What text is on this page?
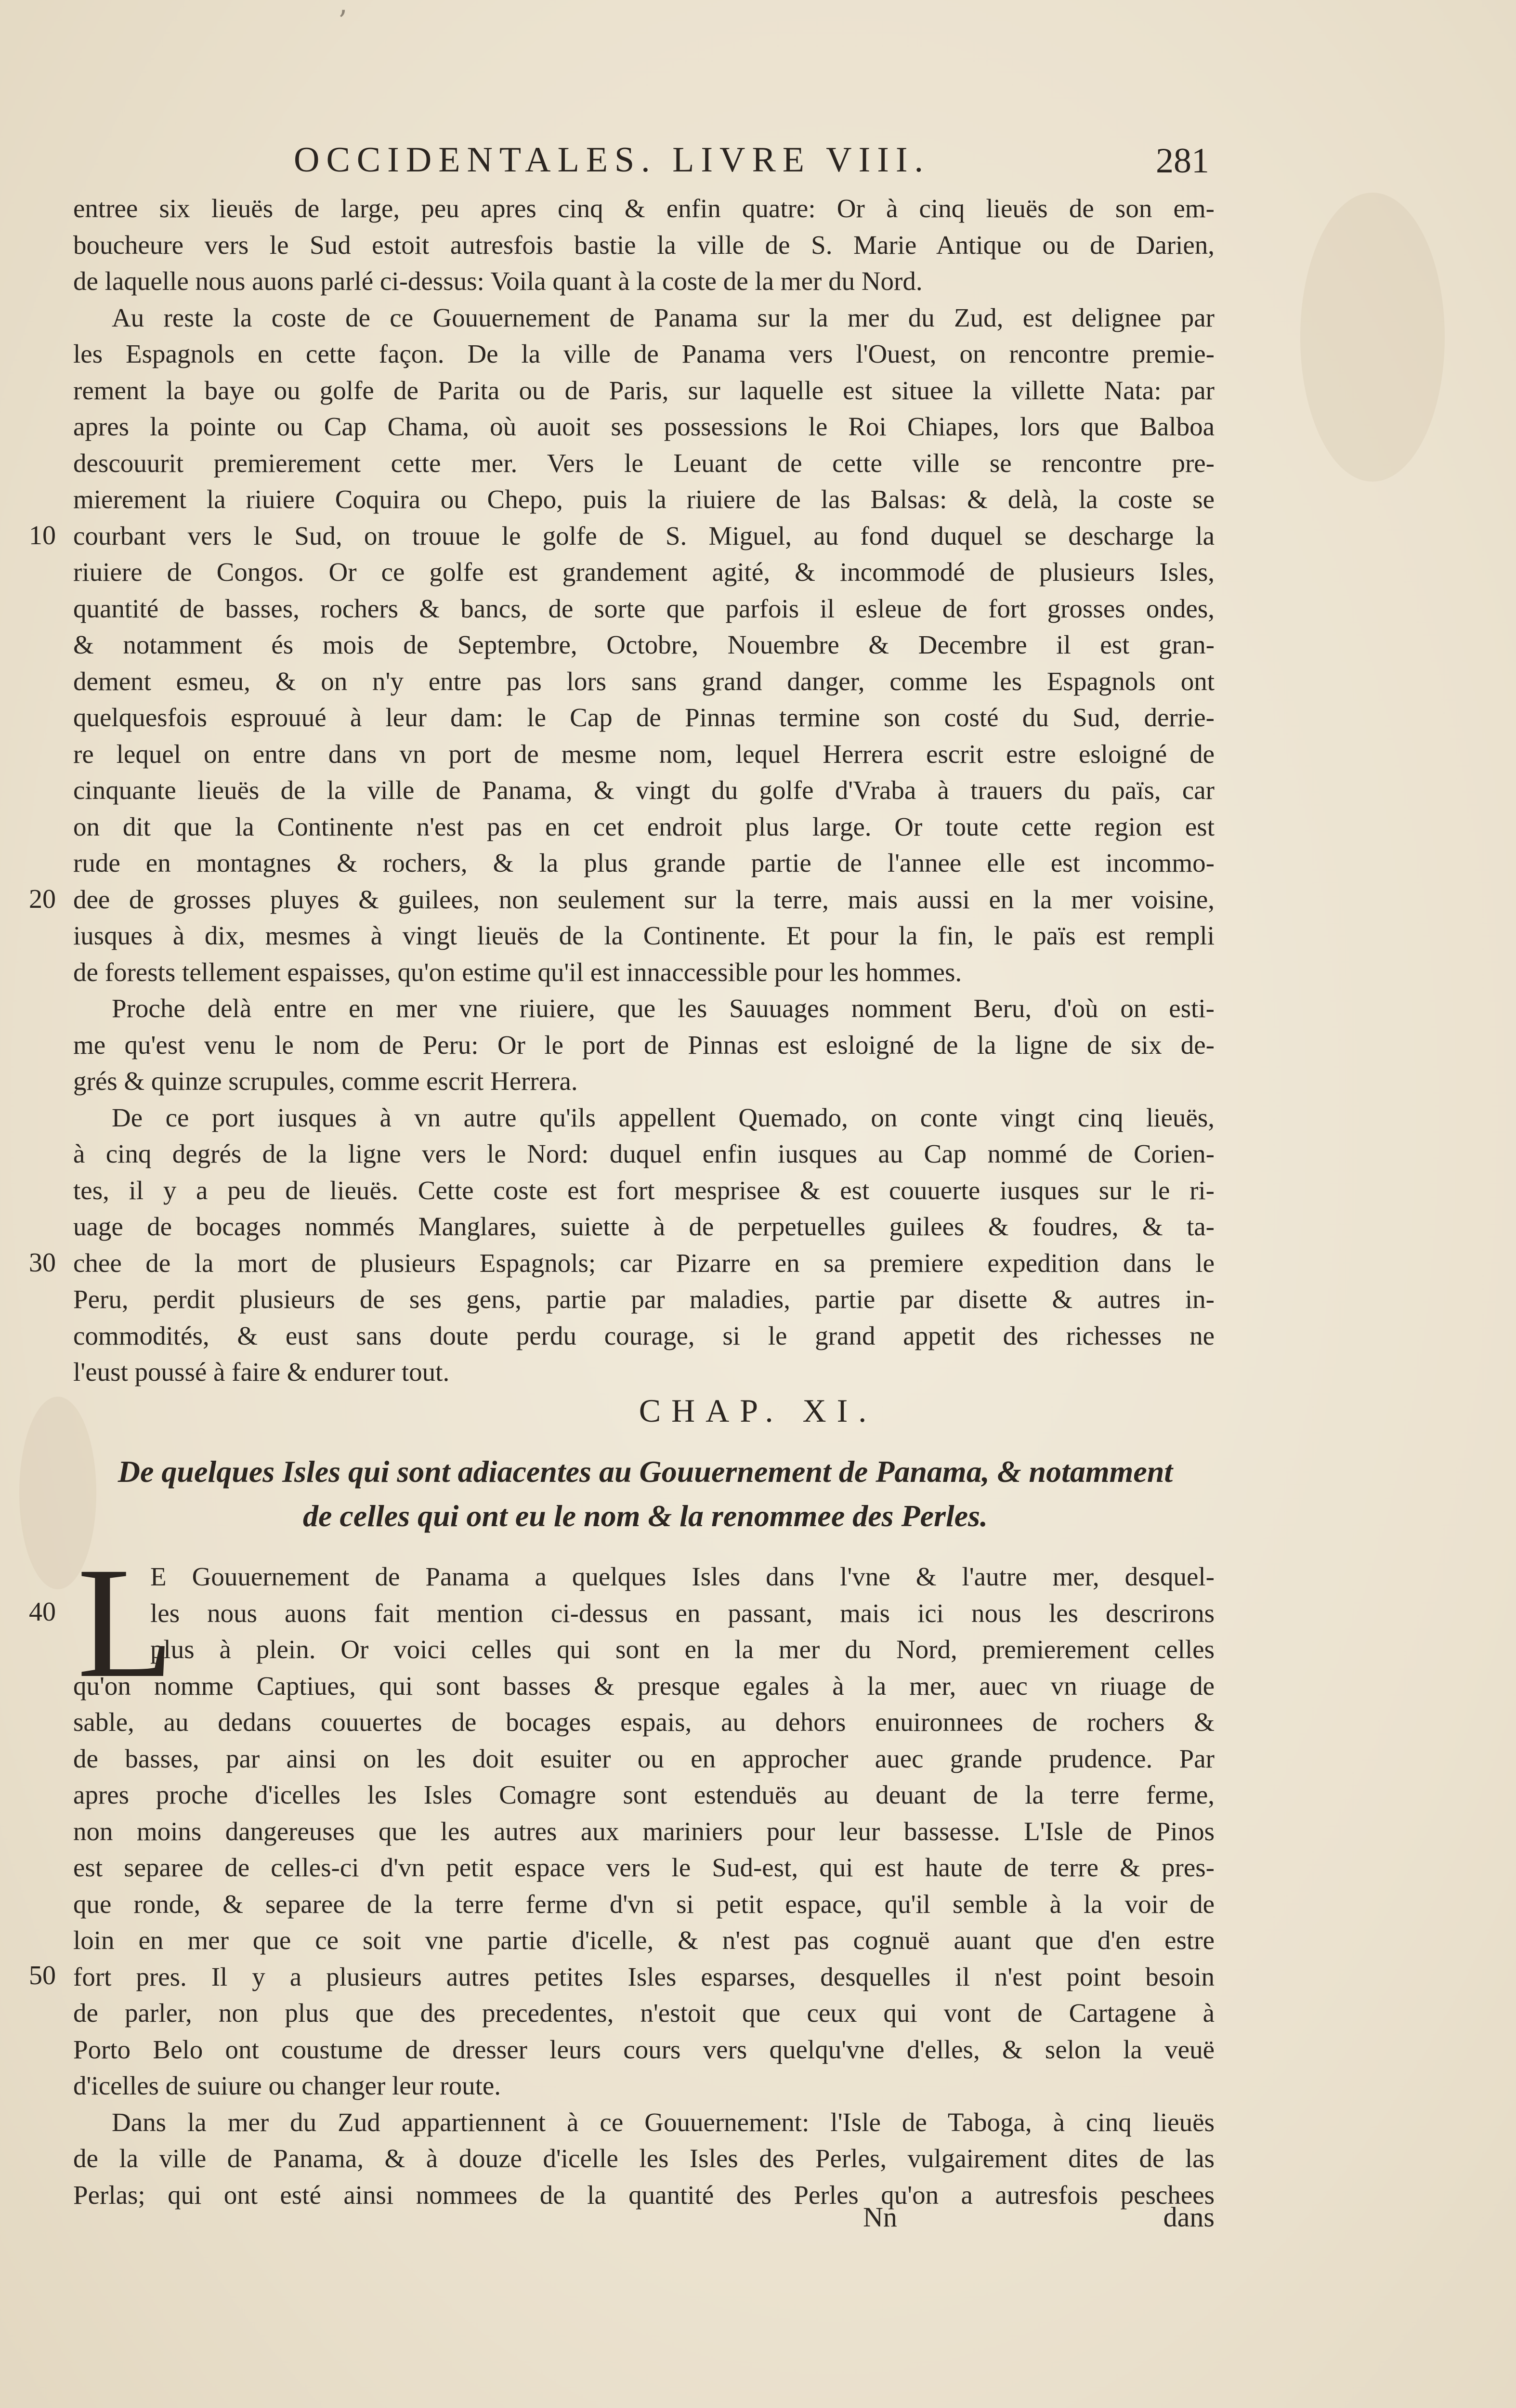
ʼ
OCCIDENTALES. LIVRE VIII.	281
entree six lieuës de large, peu apres cinq & enfin quatre: Or à cinq lieuës de son em-
boucheure vers le Sud estoit autresfois bastie la ville de S. Marie Antique ou de Darien,
de laquelle nous auons parlé ci-dessus: Voila quant à la coste de la mer du Nord.
Au reste la coste de ce Gouuernement de Panama sur la mer du Zud, est delignee par
les Espagnols en cette façon. De la ville de Panama vers l'Ouest, on rencontre premie-
rement la baye ou golfe de Parita ou de Paris, sur laquelle est situee la villette Nata: par
apres la pointe ou Cap Chama, où auoit ses possessions le Roi Chiapes, lors que Balboa
descouurit premierement cette mer. Vers le Leuant de cette ville se rencontre pre-
mierement la riuiere Coquira ou Chepo, puis la riuiere de las Balsas: & delà, la coste se
courbant vers le Sud, on trouue le golfe de S. Miguel, au fond duquel se descharge la
riuiere de Congos. Or ce golfe est grandement agité, & incommodé de plusieurs Isles,
quantité de basses, rochers & bancs, de sorte que parfois il esleue de fort grosses ondes,
& notamment és mois de Septembre, Octobre, Nouembre & Decembre il est gran-
dement esmeu, & on n'y entre pas lors sans grand danger, comme les Espagnols ont
quelquesfois esprouué à leur dam: le Cap de Pinnas termine son costé du Sud, derrie-
re lequel on entre dans vn port de mesme nom, lequel Herrera escrit estre esloigné de
cinquante lieuës de la ville de Panama, & vingt du golfe d'Vraba à trauers du païs, car
on dit que la Continente n'est pas en cet endroit plus large. Or toute cette region est
rude en montagnes & rochers, & la plus grande partie de l'annee elle est incommo-
dee de grosses pluyes & guilees, non seulement sur la terre, mais aussi en la mer voisine,
iusques à dix, mesmes à vingt lieuës de la Continente. Et pour la fin, le païs est rempli
de forests tellement espaisses, qu'on estime qu'il est innaccessible pour les hommes.
Proche delà entre en mer vne riuiere, que les Sauuages nomment Beru, d'où on esti-
me qu'est venu le nom de Peru: Or le port de Pinnas est esloigné de la ligne de six de-
grés & quinze scrupules, comme escrit Herrera.
De ce port iusques à vn autre qu'ils appellent Quemado, on conte vingt cinq lieuës,
à cinq degrés de la ligne vers le Nord: duquel enfin iusques au Cap nommé de Corien-
tes, il y a peu de lieuës. Cette coste est fort mesprisee & est couuerte iusques sur le ri-
uage de bocages nommés Manglares, suiette à de perpetuelles guilees & foudres, & ta-
chee de la mort de plusieurs Espagnols; car Pizarre en sa premiere expedition dans le
Peru, perdit plusieurs de ses gens, partie par maladies, partie par disette & autres in-
commodités, & eust sans doute perdu courage, si le grand appetit des richesses ne
l'eust poussé à faire & endurer tout.
10
20
30
CHAP. XI.
De quelques Isles qui sont adiacentes au Gouuernement de Panama, & notamment
de celles qui ont eu le nom & la renommee des Perles.
L
40
50
E Gouuernement de Panama a quelques Isles dans l'vne & l'autre mer, desquel-
les nous auons fait mention ci-dessus en passant, mais ici nous les descrirons
plus à plein. Or voici celles qui sont en la mer du Nord, premierement celles
qu'on nomme Captiues, qui sont basses & presque egales à la mer, auec vn riuage de
sable, au dedans couuertes de bocages espais, au dehors enuironnees de rochers &
de basses, par ainsi on les doit esuiter ou en approcher auec grande prudence. Par
apres proche d'icelles les Isles Comagre sont estenduës au deuant de la terre ferme,
non moins dangereuses que les autres aux mariniers pour leur bassesse. L'Isle de Pinos
est separee de celles-ci d'vn petit espace vers le Sud-est, qui est haute de terre & pres-
que ronde, & separee de la terre ferme d'vn si petit espace, qu'il semble à la voir de
loin en mer que ce soit vne partie d'icelle, & n'est pas cognuë auant que d'en estre
fort pres. Il y a plusieurs autres petites Isles esparses, desquelles il n'est point besoin
de parler, non plus que des precedentes, n'estoit que ceux qui vont de Cartagene à
Porto Belo ont coustume de dresser leurs cours vers quelqu'vne d'elles, & selon la veuë
d'icelles de suiure ou changer leur route.
Dans la mer du Zud appartiennent à ce Gouuernement: l'Isle de Taboga, à cinq lieuës
de la ville de Panama, & à douze d'icelle les Isles des Perles, vulgairement dites de las
Perlas; qui ont esté ainsi nommees de la quantité des Perles qu'on a autresfois peschees
Nn	dans
